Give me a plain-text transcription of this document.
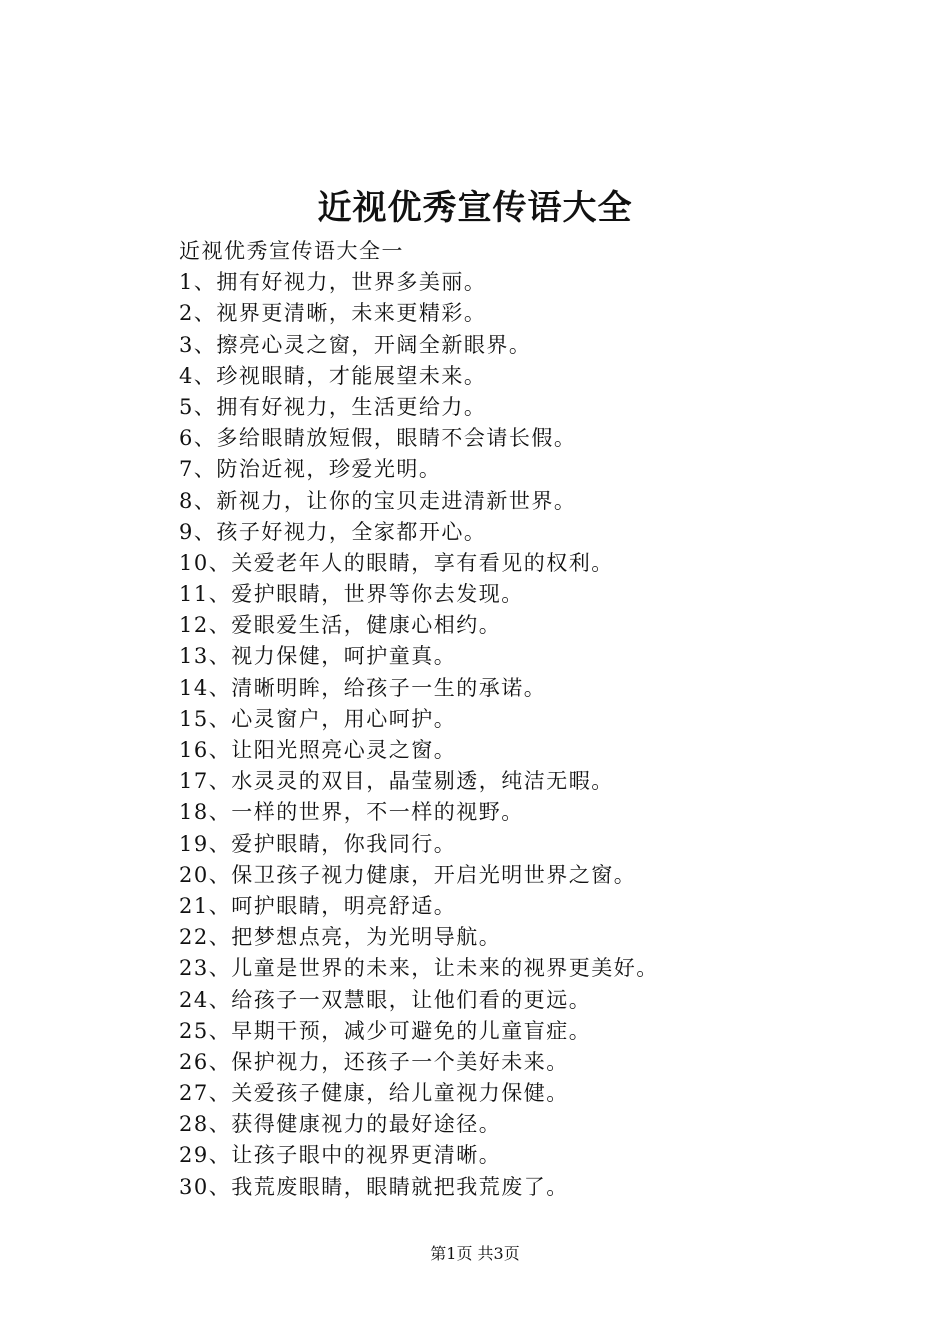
近视优秀宣传语大全
近视优秀宣传语大全一
1、拥有好视力，世界多美丽。
2、视界更清晰，未来更精彩。
3、擦亮心灵之窗，开阔全新眼界。
4、珍视眼睛，才能展望未来。
5、拥有好视力，生活更给力。
6、多给眼睛放短假，眼睛不会请长假。
7、防治近视，珍爱光明。
8、新视力，让你的宝贝走进清新世界。
9、孩子好视力，全家都开心。
10、关爱老年人的眼睛，享有看见的权利。
11、爱护眼睛，世界等你去发现。
12、爱眼爱生活，健康心相约。
13、视力保健，呵护童真。
14、清晰明眸，给孩子一生的承诺。
15、心灵窗户，用心呵护。
16、让阳光照亮心灵之窗。
17、水灵灵的双目，晶莹剔透，纯洁无暇。
18、一样的世界，不一样的视野。
19、爱护眼睛，你我同行。
20、保卫孩子视力健康，开启光明世界之窗。
21、呵护眼睛，明亮舒适。
22、把梦想点亮，为光明导航。
23、儿童是世界的未来，让未来的视界更美好。
24、给孩子一双慧眼，让他们看的更远。
25、早期干预，减少可避免的儿童盲症。
26、保护视力，还孩子一个美好未来。
27、关爱孩子健康，给儿童视力保健。
28、获得健康视力的最好途径。
29、让孩子眼中的视界更清晰。
30、我荒废眼睛，眼睛就把我荒废了。
第1页 共3页
